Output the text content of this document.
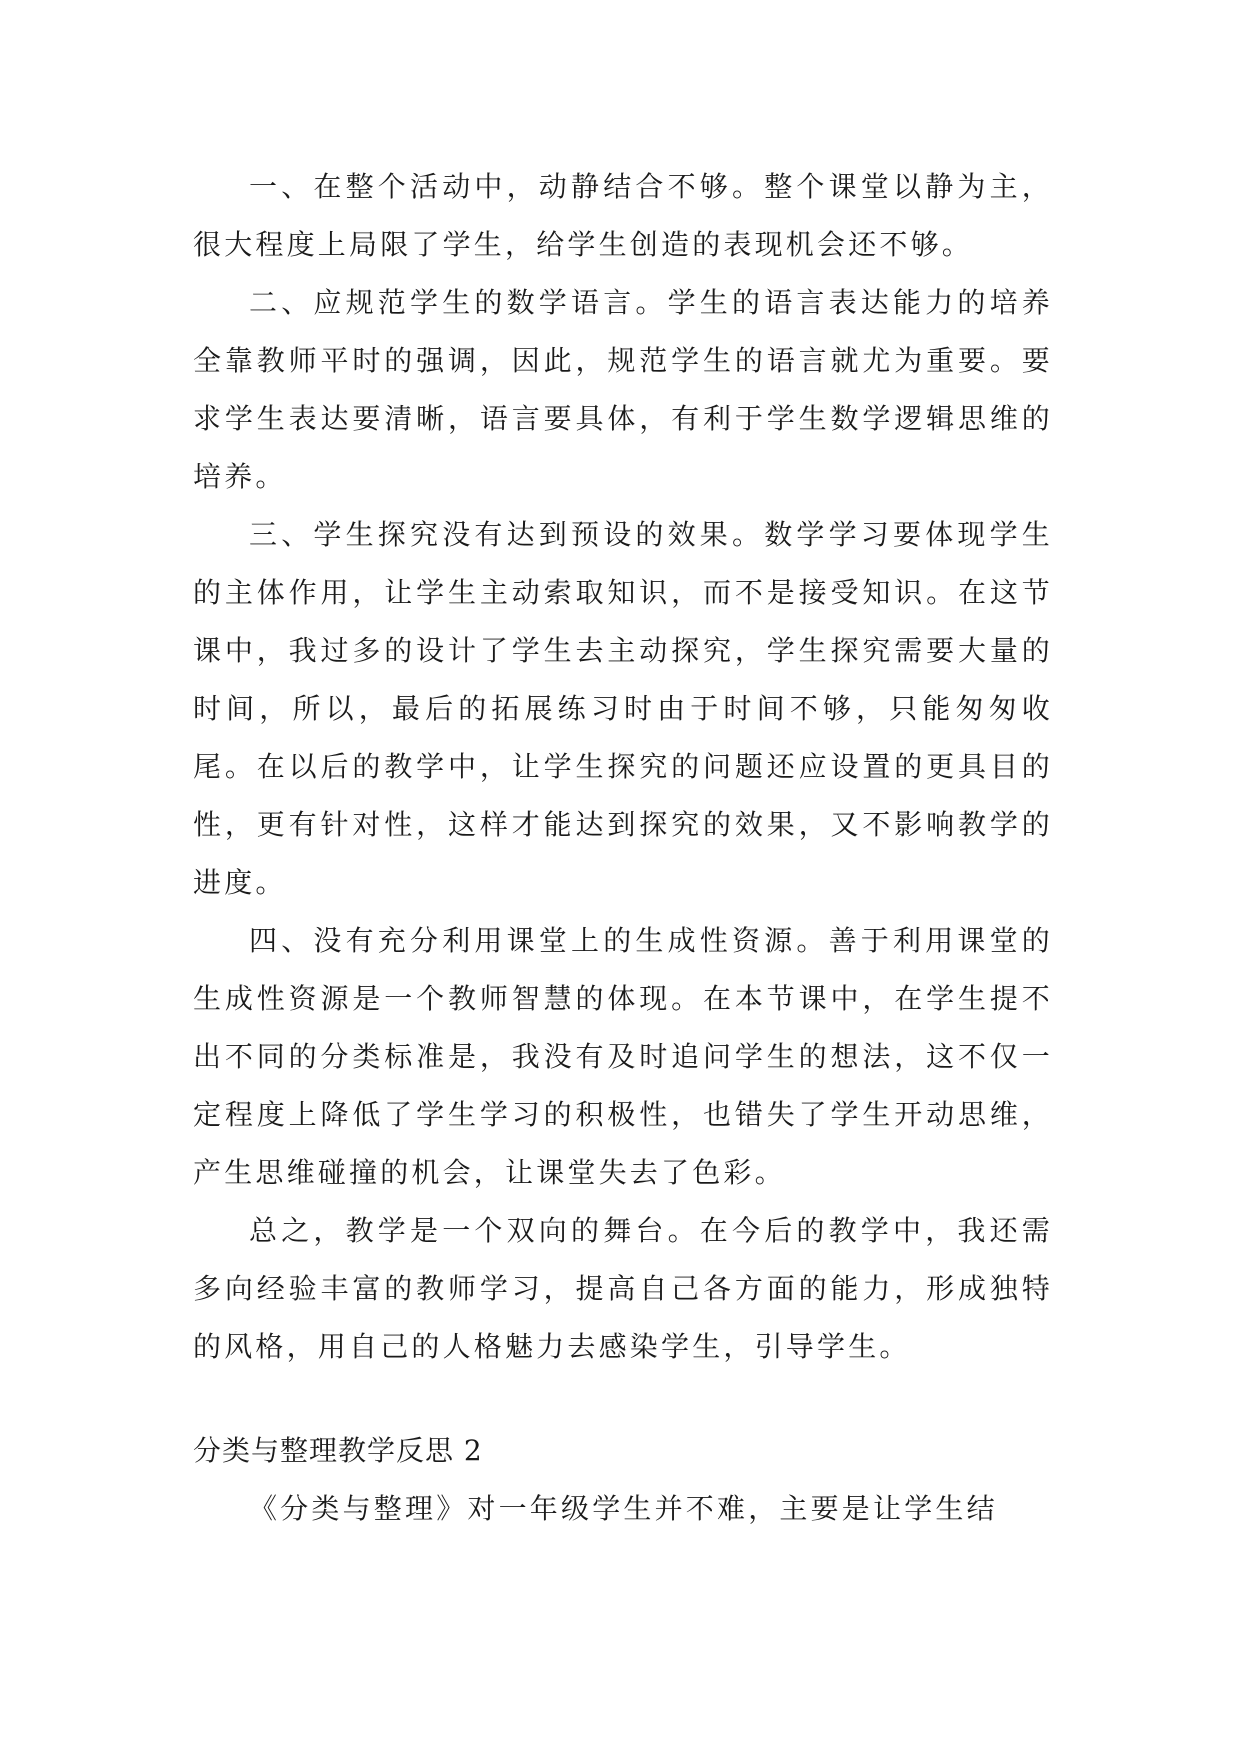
一、在整个活动中，动静结合不够。整个课堂以静为主，很大程度上局限了学生，给学生创造的表现机会还不够。

二、应规范学生的数学语言。学生的语言表达能力的培养全靠教师平时的强调，因此，规范学生的语言就尤为重要。要求学生表达要清晰，语言要具体，有利于学生数学逻辑思维的培养。

三、学生探究没有达到预设的效果。数学学习要体现学生的主体作用，让学生主动索取知识，而不是接受知识。在这节课中，我过多的设计了学生去主动探究，学生探究需要大量的时间，所以，最后的拓展练习时由于时间不够，只能匆匆收尾。在以后的教学中，让学生探究的问题还应设置的更具目的性，更有针对性，这样才能达到探究的效果，又不影响教学的进度。

四、没有充分利用课堂上的生成性资源。善于利用课堂的生成性资源是一个教师智慧的体现。在本节课中，在学生提不出不同的分类标准是，我没有及时追问学生的想法，这不仅一定程度上降低了学生学习的积极性，也错失了学生开动思维，产生思维碰撞的机会，让课堂失去了色彩。

总之，教学是一个双向的舞台。在今后的教学中，我还需多向经验丰富的教师学习，提高自己各方面的能力，形成独特的风格，用自己的人格魅力去感染学生，引导学生。

分类与整理教学反思 2

《分类与整理》对一年级学生并不难，主要是让学生结
